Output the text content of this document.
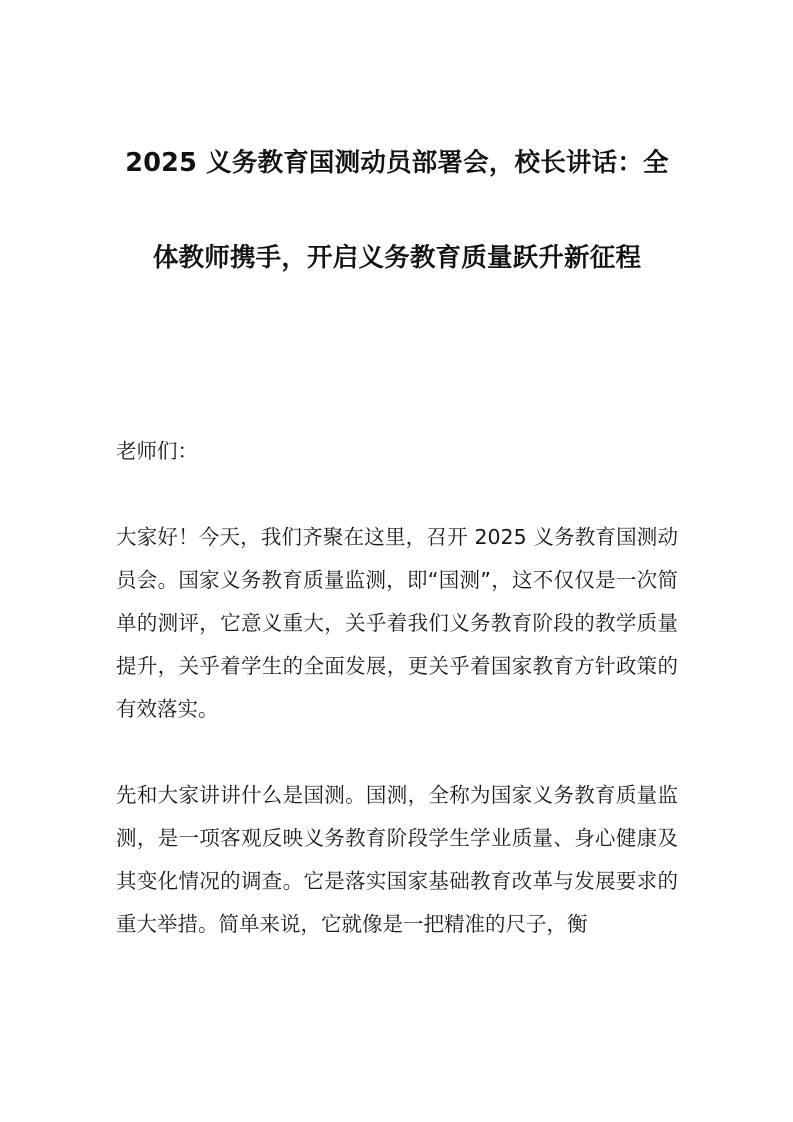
2025 义务教育国测动员部署会，校长讲话：全体教师携手，开启义务教育质量跃升新征程

老师们：

大家好！今天，我们齐聚在这里，召开 2025 义务教育国测动员会。国家义务教育质量监测，即“国测”，这不仅仅是一次简单的测评，它意义重大，关乎着我们义务教育阶段的教学质量提升，关乎着学生的全面发展，更关乎着国家教育方针政策的有效落实。

先和大家讲讲什么是国测。国测，全称为国家义务教育质量监测，是一项客观反映义务教育阶段学生学业质量、身心健康及其变化情况的调查。它是落实国家基础教育改革与发展要求的重大举措。简单来说，它就像是一把精准的尺子，衡
